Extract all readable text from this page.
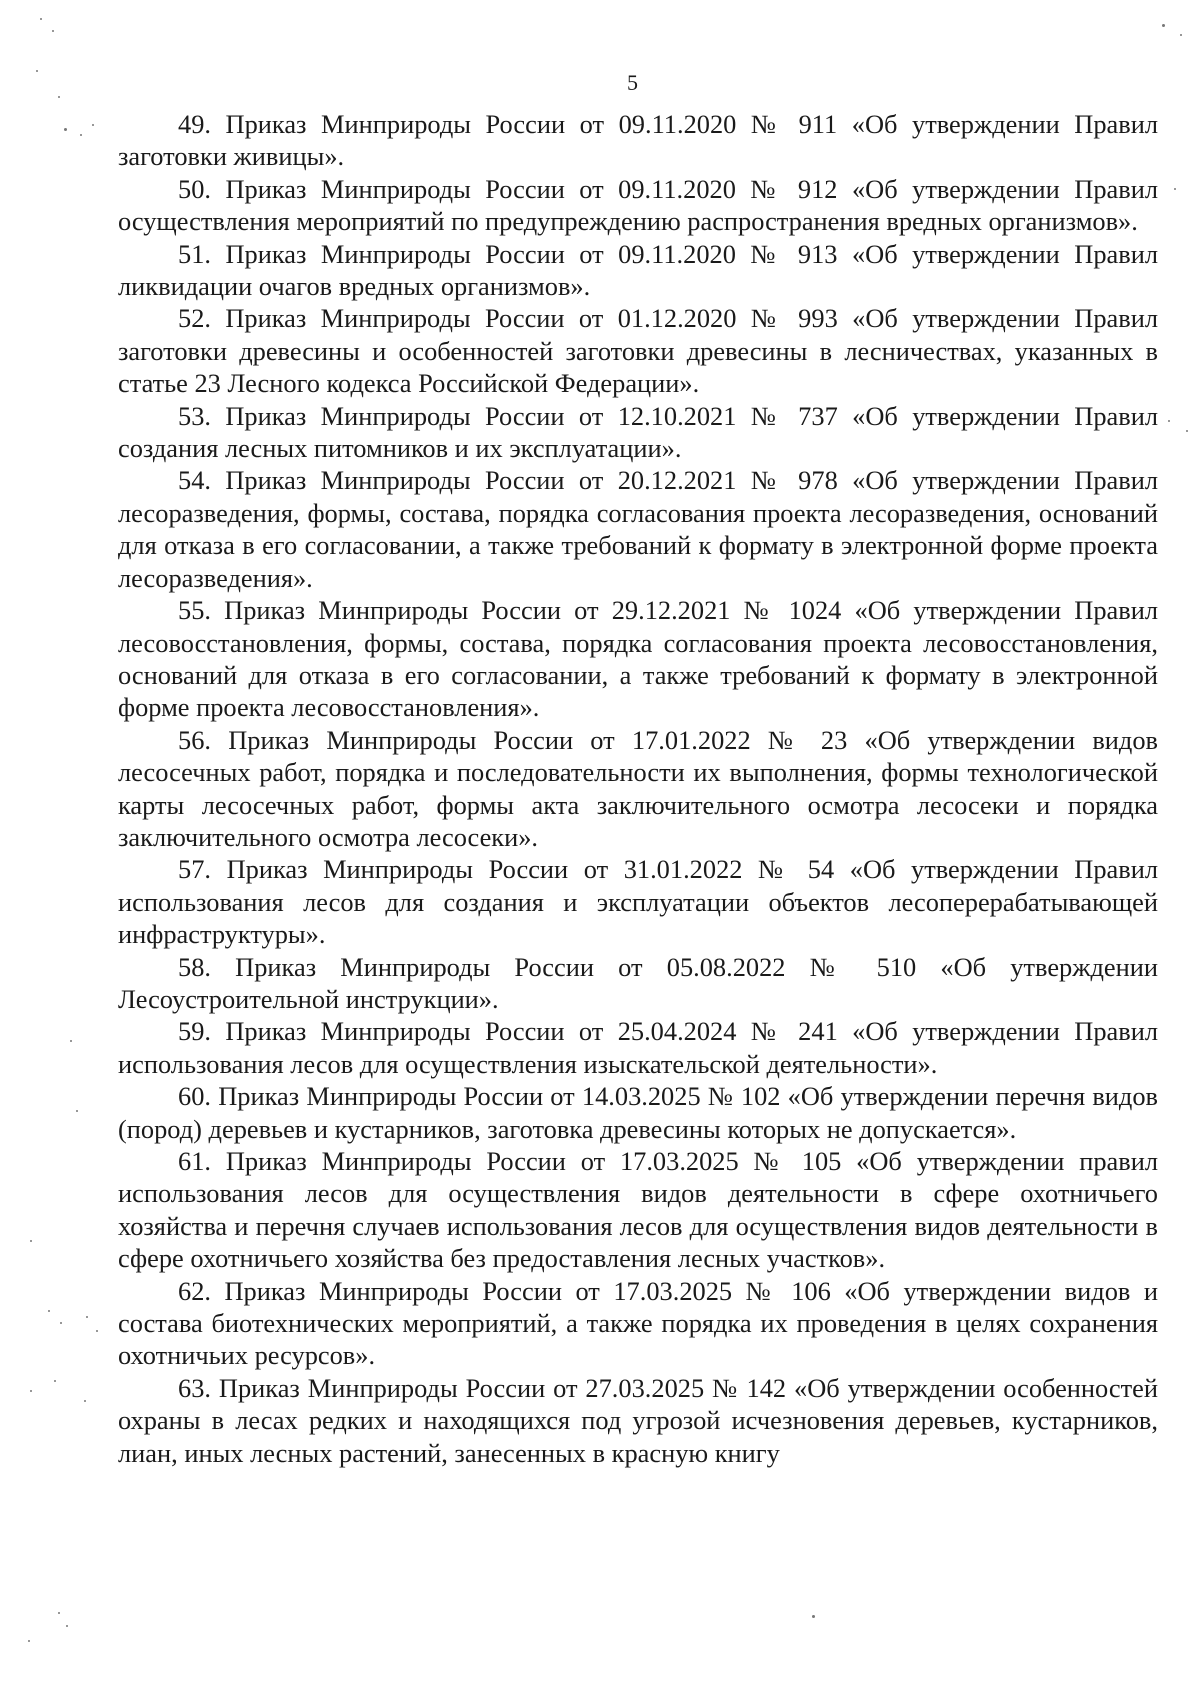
5

49. Приказ Минприроды России от 09.11.2020 № 911 «Об утверждении Правил заготовки живицы».

50. Приказ Минприроды России от 09.11.2020 № 912 «Об утверждении Правил осуществления мероприятий по предупреждению распространения вредных организмов».

51. Приказ Минприроды России от 09.11.2020 № 913 «Об утверждении Правил ликвидации очагов вредных организмов».

52. Приказ Минприроды России от 01.12.2020 № 993 «Об утверждении Правил заготовки древесины и особенностей заготовки древесины в лесничествах, указанных в статье 23 Лесного кодекса Российской Федерации».

53. Приказ Минприроды России от 12.10.2021 № 737 «Об утверждении Правил создания лесных питомников и их эксплуатации».

54. Приказ Минприроды России от 20.12.2021 № 978 «Об утверждении Правил лесоразведения, формы, состава, порядка согласования проекта лесоразведения, оснований для отказа в его согласовании, а также требований к формату в электронной форме проекта лесоразведения».

55. Приказ Минприроды России от 29.12.2021 № 1024 «Об утверждении Правил лесовосстановления, формы, состава, порядка согласования проекта лесовосстановления, оснований для отказа в его согласовании, а также требований к формату в электронной форме проекта лесовосстановления».

56. Приказ Минприроды России от 17.01.2022 № 23 «Об утверждении видов лесосечных работ, порядка и последовательности их выполнения, формы технологической карты лесосечных работ, формы акта заключительного осмотра лесосеки и порядка заключительного осмотра лесосеки».

57. Приказ Минприроды России от 31.01.2022 № 54 «Об утверждении Правил использования лесов для создания и эксплуатации объектов лесоперерабатывающей инфраструктуры».

58. Приказ Минприроды России от 05.08.2022 № 510 «Об утверждении Лесоустроительной инструкции».

59. Приказ Минприроды России от 25.04.2024 № 241 «Об утверждении Правил использования лесов для осуществления изыскательской деятельности».

60. Приказ Минприроды России от 14.03.2025 № 102 «Об утверждении перечня видов (пород) деревьев и кустарников, заготовка древесины которых не допускается».

61. Приказ Минприроды России от 17.03.2025 № 105 «Об утверждении правил использования лесов для осуществления видов деятельности в сфере охотничьего хозяйства и перечня случаев использования лесов для осуществления видов деятельности в сфере охотничьего хозяйства без предоставления лесных участков».

62. Приказ Минприроды России от 17.03.2025 № 106 «Об утверждении видов и состава биотехнических мероприятий, а также порядка их проведения в целях сохранения охотничьих ресурсов».

63. Приказ Минприроды России от 27.03.2025 № 142 «Об утверждении особенностей охраны в лесах редких и находящихся под угрозой исчезновения деревьев, кустарников, лиан, иных лесных растений, занесенных в красную книгу
